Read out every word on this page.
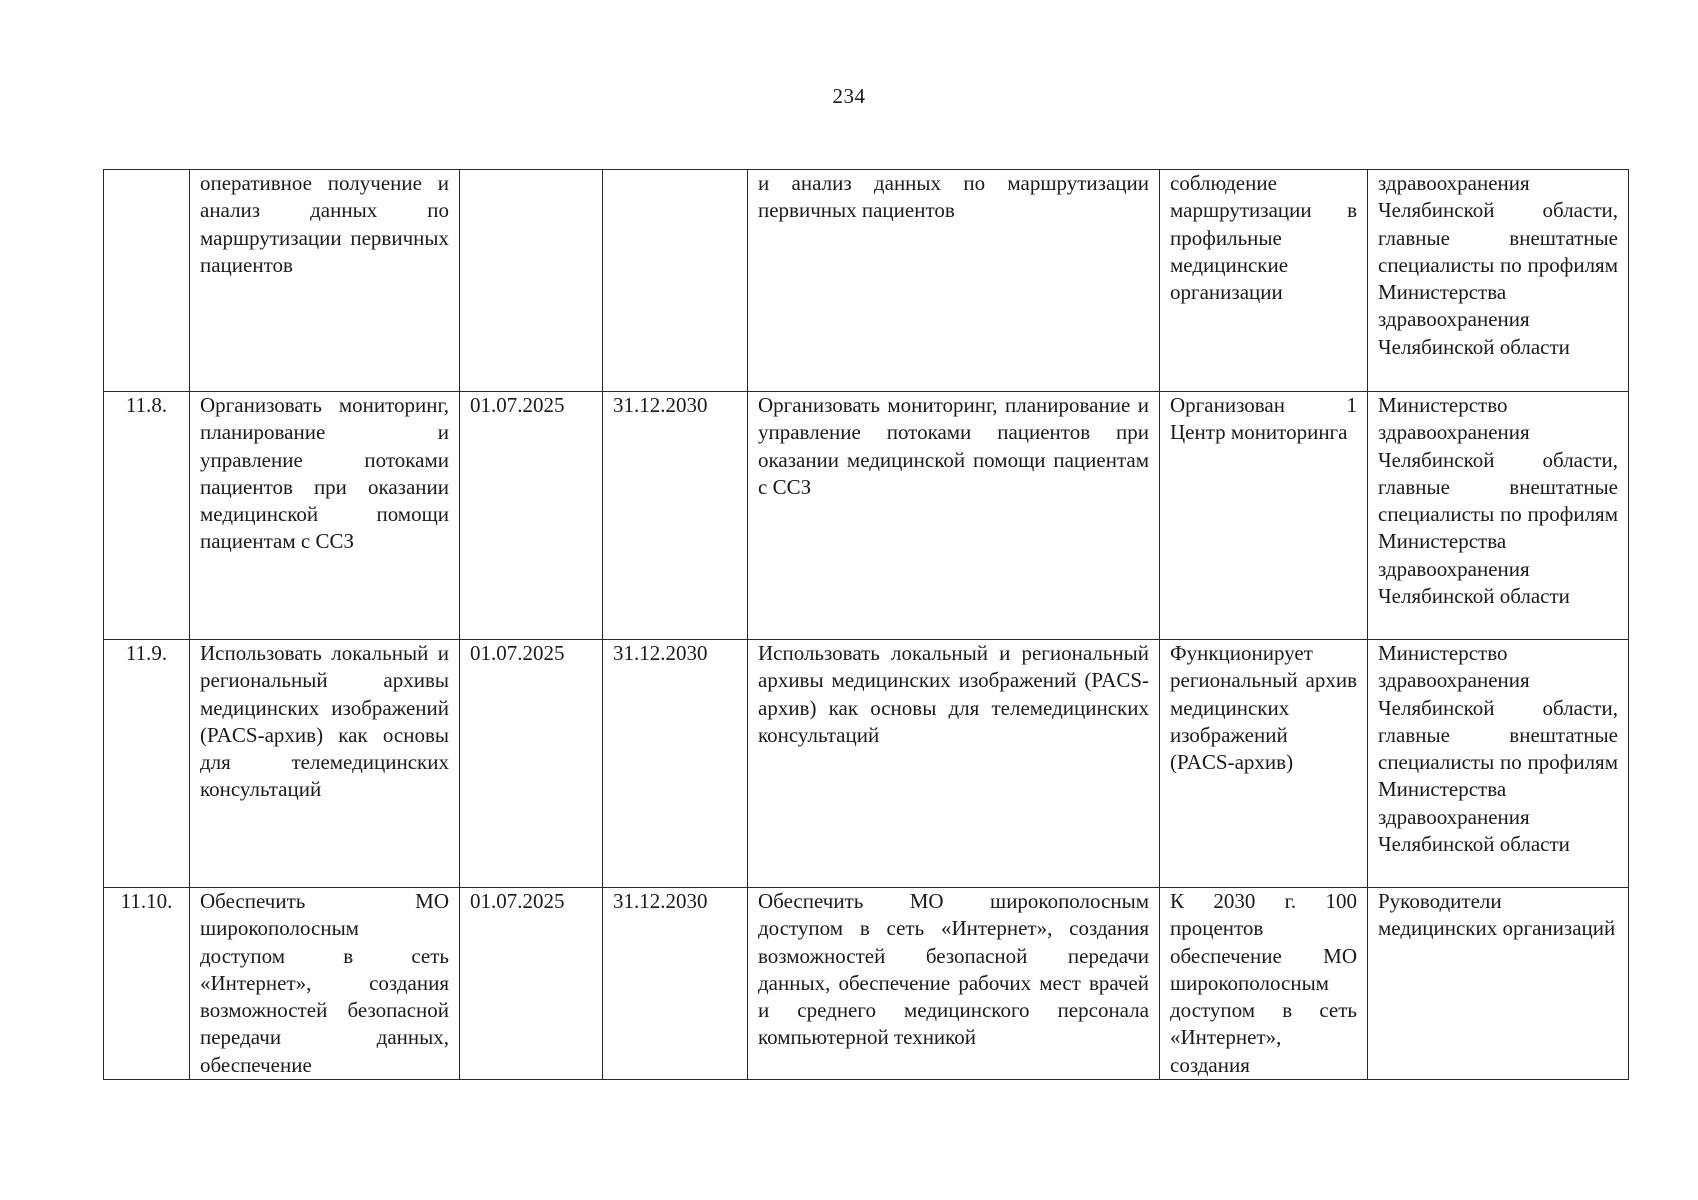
234
	оперативное получение и анализ данных по маршрутизации первичных пациентов			и анализ данных по маршрутизации первичных пациентов	соблюдение маршрутизации в профильные медицинские организации	здравоохранения Челябинской области, главные внештатные специалисты по профилям Министерства здравоохранения Челябинской области
11.8.	Организовать мониторинг, планирование и управление потоками пациентов при оказании медицинской помощи пациентам с ССЗ	01.07.2025	31.12.2030	Организовать мониторинг, планирование и управление потоками пациентов при оказании медицинской помощи пациентам с ССЗ	Организован 1 Центр мониторинга	Министерство здравоохранения Челябинской области, главные внештатные специалисты по профилям Министерства здравоохранения Челябинской области
11.9.	Использовать локальный и региональный архивы медицинских изображений (PACS-архив) как основы для телемедицинских консультаций	01.07.2025	31.12.2030	Использовать локальный и региональный архивы медицинских изображений (PACS-архив) как основы для телемедицинских консультаций	Функционирует региональный архив медицинских изображений (PACS-архив)	Министерство здравоохранения Челябинской области, главные внештатные специалисты по профилям Министерства здравоохранения Челябинской области
11.10.	Обеспечить МО широкополосным доступом в сеть «Интернет», создания возможностей безопасной передачи данных, обеспечение	01.07.2025	31.12.2030	Обеспечить МО широкополосным доступом в сеть «Интернет», создания возможностей безопасной передачи данных, обеспечение рабочих мест врачей и среднего медицинского персонала компьютерной техникой	К 2030 г. 100 процентов обеспечение МО широкополосным доступом в сеть «Интернет», создания	Руководители медицинских организаций
